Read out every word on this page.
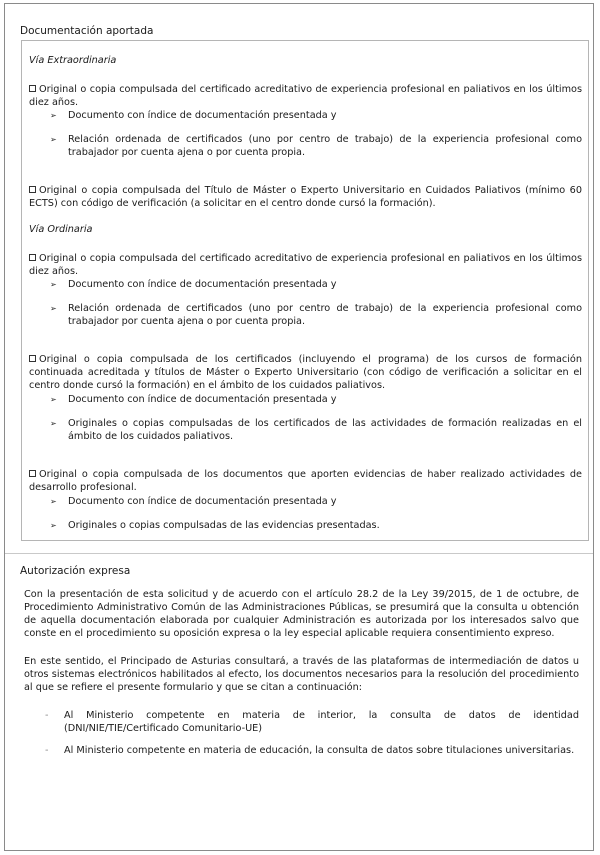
Documentación aportada
Vía Extraordinaria
Original o copia compulsada del certificado acreditativo de experiencia profesional en paliativos en los últimos diez años.
➢ Documento con índice de documentación presentada y
➢ Relación ordenada de certificados (uno por centro de trabajo) de la experiencia profesional como trabajador por cuenta ajena o por cuenta propia.
Original o copia compulsada del Título de Máster o Experto Universitario en Cuidados Paliativos (mínimo 60 ECTS) con código de verificación (a solicitar en el centro donde cursó la formación).
Vía Ordinaria
Original o copia compulsada del certificado acreditativo de experiencia profesional en paliativos en los últimos diez años.
➢ Documento con índice de documentación presentada y
➢ Relación ordenada de certificados (uno por centro de trabajo) de la experiencia profesional como trabajador por cuenta ajena o por cuenta propia.
Original o copia compulsada de los certificados (incluyendo el programa) de los cursos de formación continuada acreditada y títulos de Máster o Experto Universitario (con código de verificación a solicitar en el centro donde cursó la formación) en el ámbito de los cuidados paliativos.
➢ Documento con índice de documentación presentada y
➢ Originales o copias compulsadas de los certificados de las actividades de formación realizadas en el ámbito de los cuidados paliativos.
Original o copia compulsada de los documentos que aporten evidencias de haber realizado actividades de desarrollo profesional.
➢ Documento con índice de documentación presentada y
➢ Originales o copias compulsadas de las evidencias presentadas.
Autorización expresa
Con la presentación de esta solicitud y de acuerdo con el artículo 28.2 de la Ley 39/2015, de 1 de octubre, de Procedimiento Administrativo Común de las Administraciones Públicas, se presumirá que la consulta u obtención de aquella documentación elaborada por cualquier Administración es autorizada por los interesados salvo que conste en el procedimiento su oposición expresa o la ley especial aplicable requiera consentimiento expreso.
En este sentido, el Principado de Asturias consultará, a través de las plataformas de intermediación de datos u otros sistemas electrónicos habilitados al efecto, los documentos necesarios para la resolución del procedimiento al que se refiere el presente formulario y que se citan a continuación:
- Al Ministerio competente en materia de interior, la consulta de datos de identidad (DNI/NIE/TIE/Certificado Comunitario-UE)
- Al Ministerio competente en materia de educación, la consulta de datos sobre titulaciones universitarias.
